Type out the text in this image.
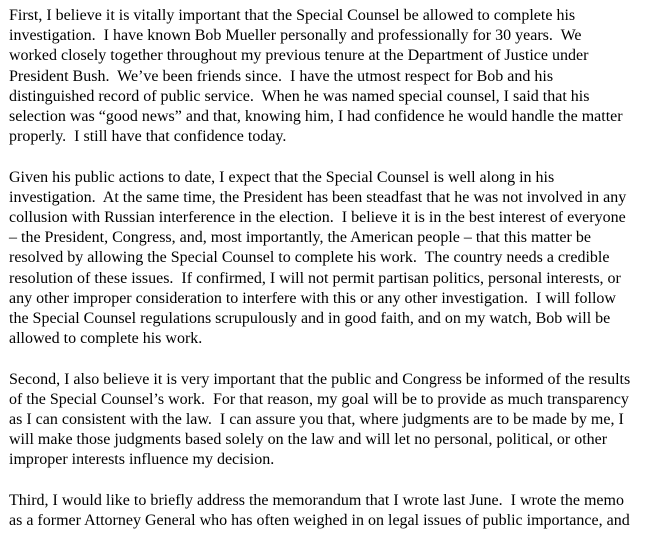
First, I believe it is vitally important that the Special Counsel be allowed to complete his
investigation.  I have known Bob Mueller personally and professionally for 30 years.  We
worked closely together throughout my previous tenure at the Department of Justice under
President Bush.  We’ve been friends since.  I have the utmost respect for Bob and his
distinguished record of public service.  When he was named special counsel, I said that his
selection was “good news” and that, knowing him, I had confidence he would handle the matter
properly.  I still have that confidence today.

Given his public actions to date, I expect that the Special Counsel is well along in his
investigation.  At the same time, the President has been steadfast that he was not involved in any
collusion with Russian interference in the election.  I believe it is in the best interest of everyone
– the President, Congress, and, most importantly, the American people – that this matter be
resolved by allowing the Special Counsel to complete his work.  The country needs a credible
resolution of these issues.  If confirmed, I will not permit partisan politics, personal interests, or
any other improper consideration to interfere with this or any other investigation.  I will follow
the Special Counsel regulations scrupulously and in good faith, and on my watch, Bob will be
allowed to complete his work.

Second, I also believe it is very important that the public and Congress be informed of the results
of the Special Counsel’s work.  For that reason, my goal will be to provide as much transparency
as I can consistent with the law.  I can assure you that, where judgments are to be made by me, I
will make those judgments based solely on the law and will let no personal, political, or other
improper interests influence my decision.

Third, I would like to briefly address the memorandum that I wrote last June.  I wrote the memo
as a former Attorney General who has often weighed in on legal issues of public importance, and
